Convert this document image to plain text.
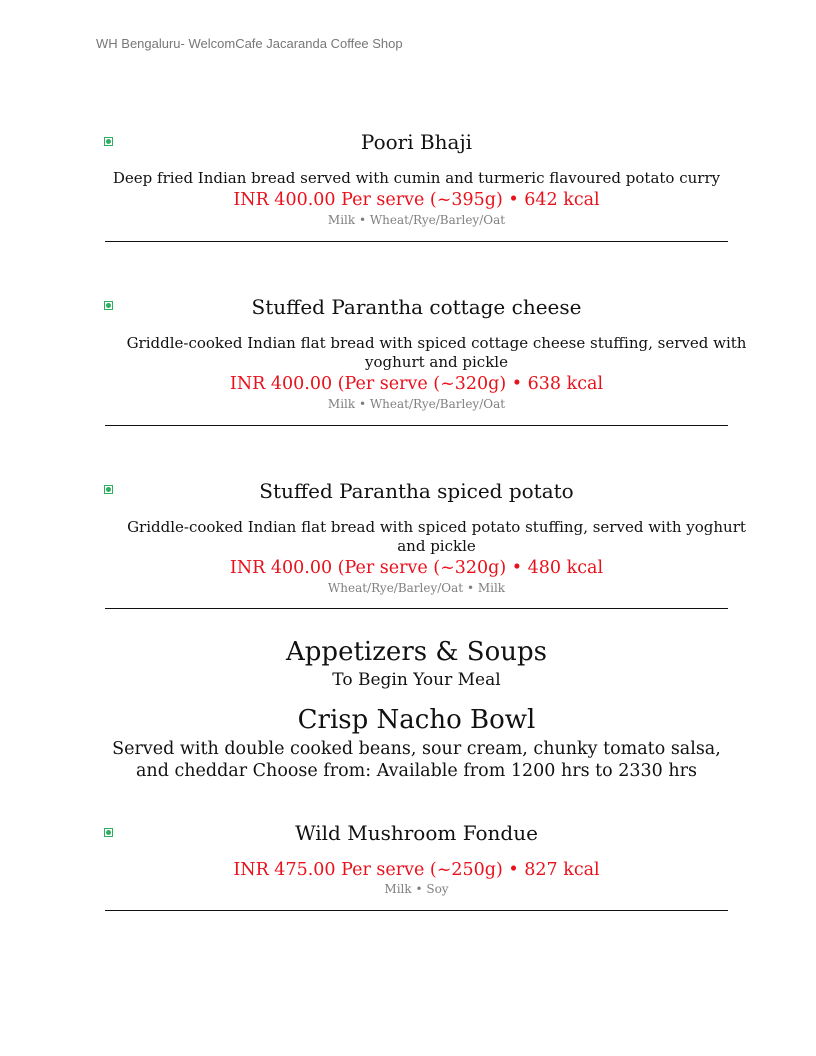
WH Bengaluru- WelcomCafe Jacaranda Coffee Shop
Poori Bhaji
Deep fried Indian bread served with cumin and turmeric flavoured potato curry
INR 400.00 Per serve (~395g) • 642 kcal
Milk • Wheat/Rye/Barley/Oat
Stuffed Parantha cottage cheese
Griddle-cooked Indian flat bread with spiced cottage cheese stuffing, served with yoghurt and pickle
INR 400.00 (Per serve (~320g) • 638 kcal
Milk • Wheat/Rye/Barley/Oat
Stuffed Parantha spiced potato
Griddle-cooked Indian flat bread with spiced potato stuffing, served with yoghurt and pickle
INR 400.00 (Per serve (~320g) • 480 kcal
Wheat/Rye/Barley/Oat • Milk
Appetizers & Soups
To Begin Your Meal
Crisp Nacho Bowl
Served with double cooked beans, sour cream, chunky tomato salsa, and cheddar Choose from: Available from 1200 hrs to 2330 hrs
Wild Mushroom Fondue
INR 475.00 Per serve (~250g) • 827 kcal
Milk • Soy
